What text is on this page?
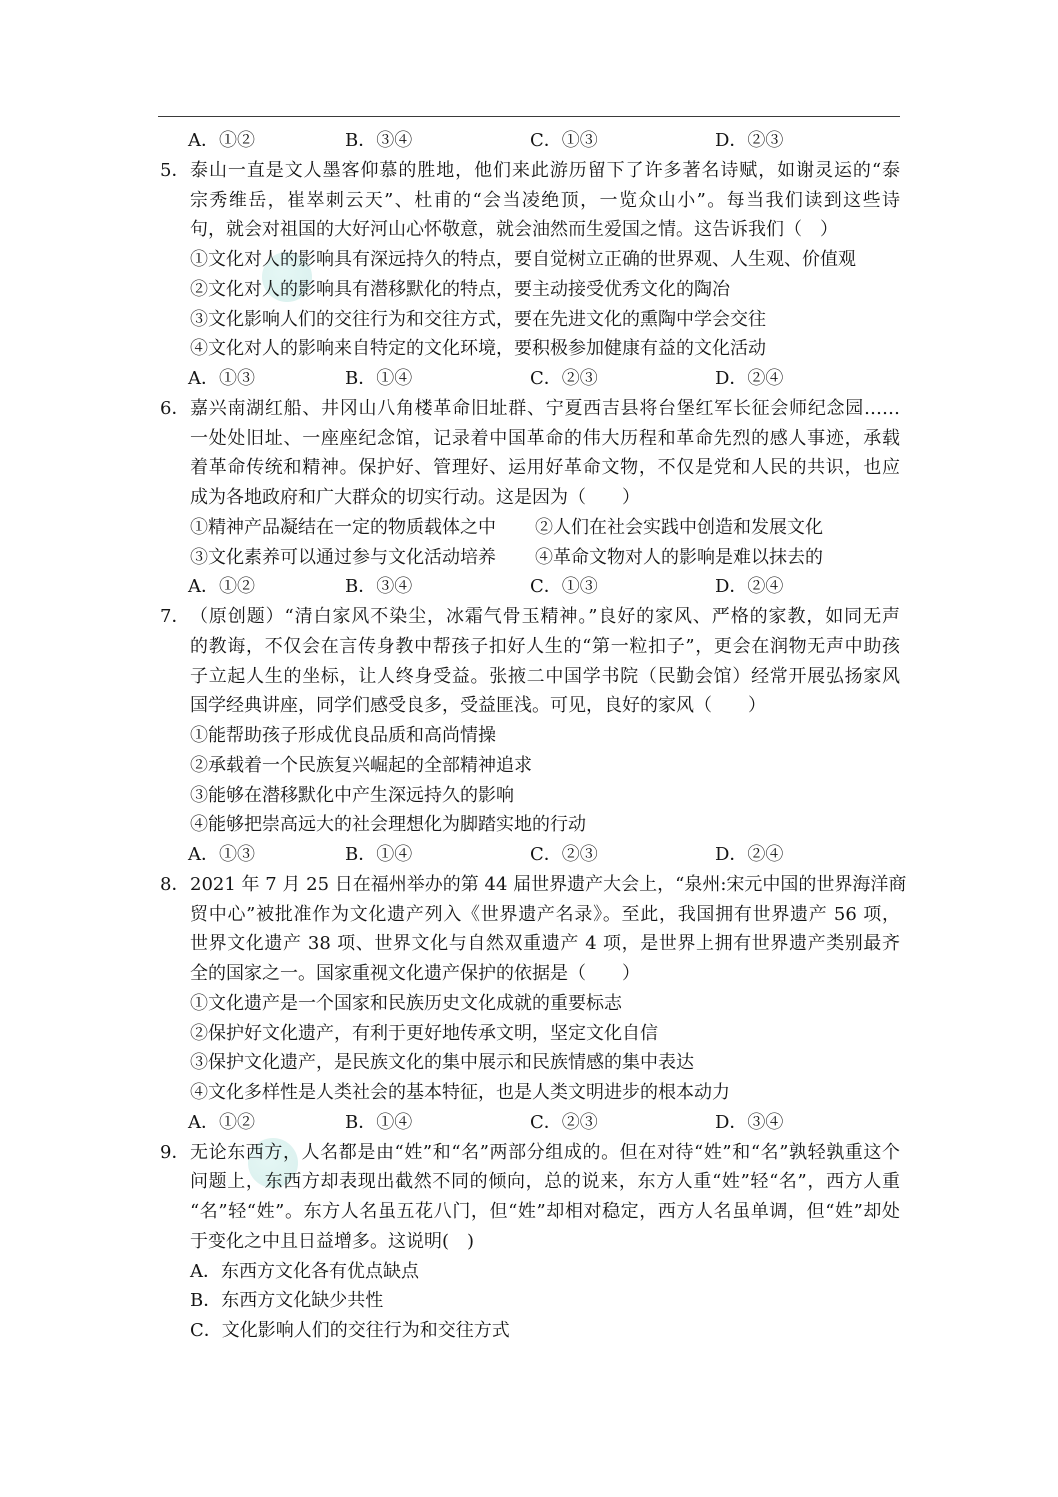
A．①②	B．③④	C．①③	D．②③
5． 泰山一直是文人墨客仰慕的胜地，他们来此游历留下了许多著名诗赋，如谢灵运的“泰
宗秀维岳，崔崒刺云天”、杜甫的“会当凌绝顶，一览众山小”。每当我们读到这些诗
句，就会对祖国的大好河山心怀敬意，就会油然而生爱国之情。这告诉我们（　）
①文化对人的影响具有深远持久的特点，要自觉树立正确的世界观、人生观、价值观
②文化对人的影响具有潜移默化的特点，要主动接受优秀文化的陶冶
③文化影响人们的交往行为和交往方式，要在先进文化的熏陶中学会交往
④文化对人的影响来自特定的文化环境，要积极参加健康有益的文化活动
A．①③	B．①④	C．②③	D．②④
6． 嘉兴南湖红船、井冈山八角楼革命旧址群、宁夏西吉县将台堡红军长征会师纪念园……
一处处旧址、一座座纪念馆，记录着中国革命的伟大历程和革命先烈的感人事迹，承载
着革命传统和精神。保护好、管理好、运用好革命文物，不仅是党和人民的共识，也应
成为各地政府和广大群众的切实行动。这是因为（　　）
①精神产品凝结在一定的物质载体之中 ②人们在社会实践中创造和发展文化
③文化素养可以通过参与文化活动培养 ④革命文物对人的影响是难以抹去的
A．①②	B．③④	C．①③	D．②④
7． （原创题）“清白家风不染尘，冰霜气骨玉精神。”良好的家风、严格的家教，如同无声
的教诲，不仅会在言传身教中帮孩子扣好人生的“第一粒扣子”，更会在润物无声中助孩
子立起人生的坐标，让人终身受益。张掖二中国学书院（民勤会馆）经常开展弘扬家风
国学经典讲座，同学们感受良多，受益匪浅。可见，良好的家风（　　）
①能帮助孩子形成优良品质和高尚情操
②承载着一个民族复兴崛起的全部精神追求
③能够在潜移默化中产生深远持久的影响
④能够把崇高远大的社会理想化为脚踏实地的行动
A．①③	B．①④	C．②③	D．②④
8． 2021 年 7 月 25 日在福州举办的第 44 届世界遗产大会上，“泉州:宋元中国的世界海洋商
贸中心”被批准作为文化遗产列入《世界遗产名录》。至此，我国拥有世界遗产 56 项，
世界文化遗产 38 项、世界文化与自然双重遗产 4 项，是世界上拥有世界遗产类别最齐
全的国家之一。国家重视文化遗产保护的依据是（　　）
①文化遗产是一个国家和民族历史文化成就的重要标志
②保护好文化遗产，有利于更好地传承文明，坚定文化自信
③保护文化遗产，是民族文化的集中展示和民族情感的集中表达
④文化多样性是人类社会的基本特征，也是人类文明进步的根本动力
A．①②	B．①④	C．②③	D．③④
9． 无论东西方，人名都是由“姓”和“名”两部分组成的。但在对待“姓”和“名”孰轻孰重这个
问题上，东西方却表现出截然不同的倾向，总的说来，东方人重“姓”轻“名”，西方人重
“名”轻“姓”。东方人名虽五花八门，但“姓”却相对稳定，西方人名虽单调，但“姓”却处
于变化之中且日益增多。这说明(　)
A．东西方文化各有优点缺点
B．东西方文化缺少共性
C．文化影响人们的交往行为和交往方式
